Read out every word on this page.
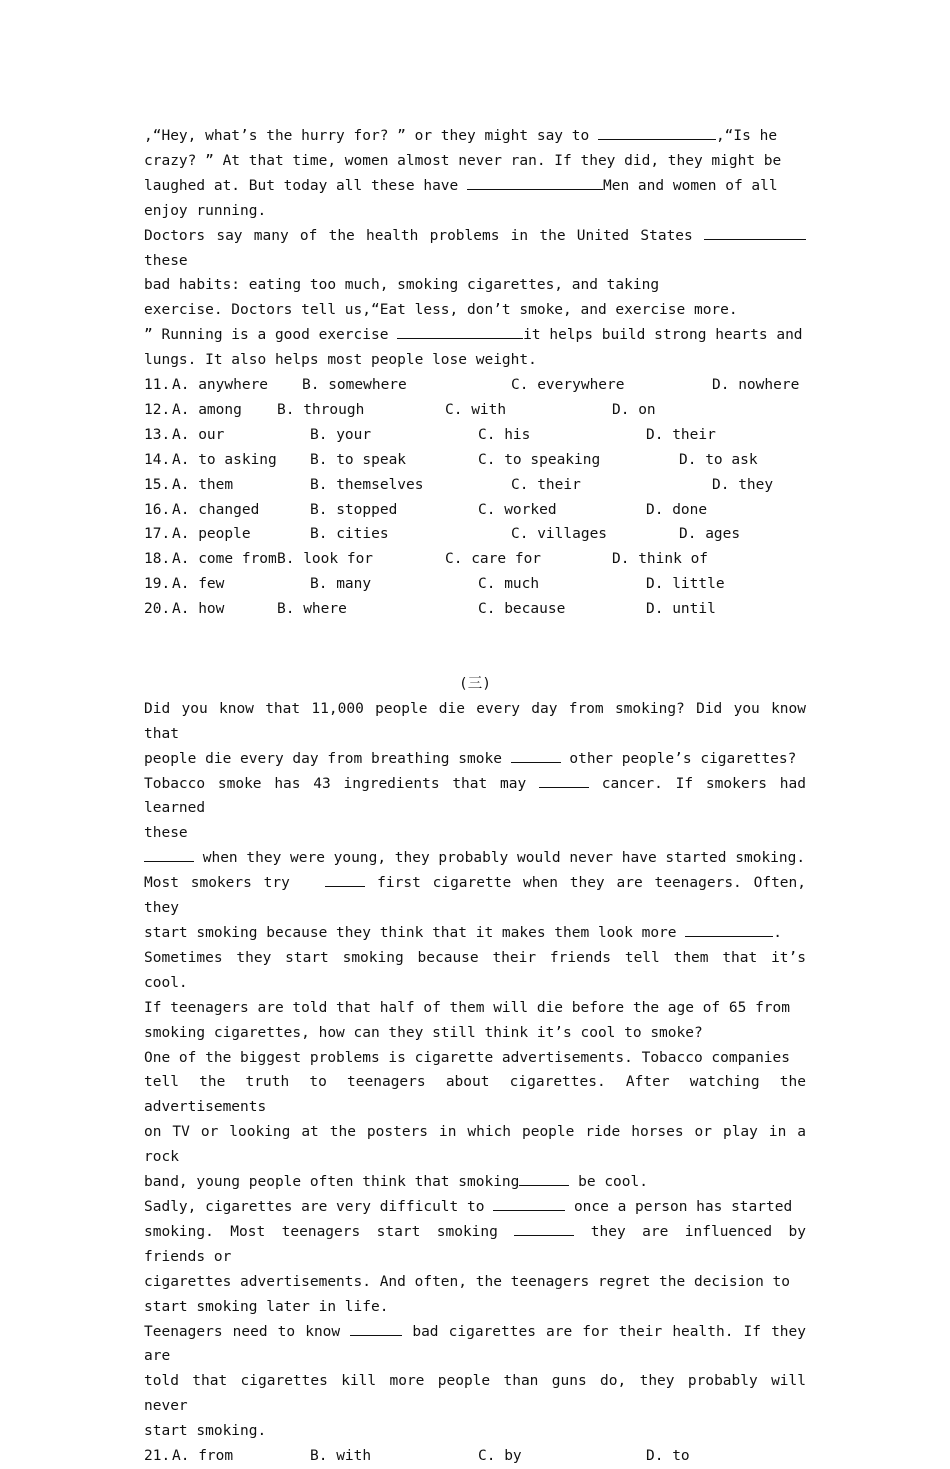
,“Hey, what’s the hurry for? ” or they might say to	,“Is he

crazy? ” At that time, women almost never ran. If they did, they might be

laughed at. But today all these have	Men and women of all

enjoy running.

Doctors say many of the health problems in the United States these

bad habits: eating too much, smoking cigarettes, and taking

exercise. Doctors tell us,“Eat less, don’t smoke, and exercise more.

” Running is a good exercise	it helps build strong hearts and

lungs. It also helps most people lose weight.

11. A. anywhere	B. somewhere	C. everywhere	D. nowhere
12. A. among	B. through	C. with	D. on
13. A. our	B. your	C. his	D. their
14. A. to asking	B. to speak	C. to speaking	D. to ask
15. A. them	B. themselves	C. their	D. they
16. A. changed	B. stopped	C. worked	D. done
17. A. people	B. cities	C. villages	D. ages
18. A. come from B. look for	C. care for	D. think of
19. A. few	B. many	C. much	D. little
20. A. how	B. where	C. because	D. until
(三)

Did you know that 11,000 people die every day from smoking? Did you know that

people die every day from breathing smoke	other people’s cigarettes?

Tobacco smoke has 43 ingredients that may	cancer. If smokers had learned

these

when they were young, they probably would never have started smoking.

Most smokers try	first cigarette when they are teenagers. Often, they

start smoking because they think that it makes them look more	.

Sometimes they start smoking because their friends tell them that it’s cool.

If teenagers are told that half of them will die before the age of 65 from

smoking cigarettes, how can they still think it’s cool to smoke?

One of the biggest problems is cigarette advertisements. Tobacco companies

tell the truth to teenagers about cigarettes. After watching the advertisements

on TV or looking at the posters in which people ride horses or play in a rock

band, young people often think that smoking	be cool.

Sadly, cigarettes are very difficult to	once a person has started

smoking. Most teenagers start smoking	they are influenced by friends or

cigarettes advertisements. And often, the teenagers regret the decision to

start smoking later in life.

Teenagers need to know	bad cigarettes are for their health. If they are

told that cigarettes kill more people than guns do, they probably will never

start smoking.

21. A. from	B. with	C. by	D. to
